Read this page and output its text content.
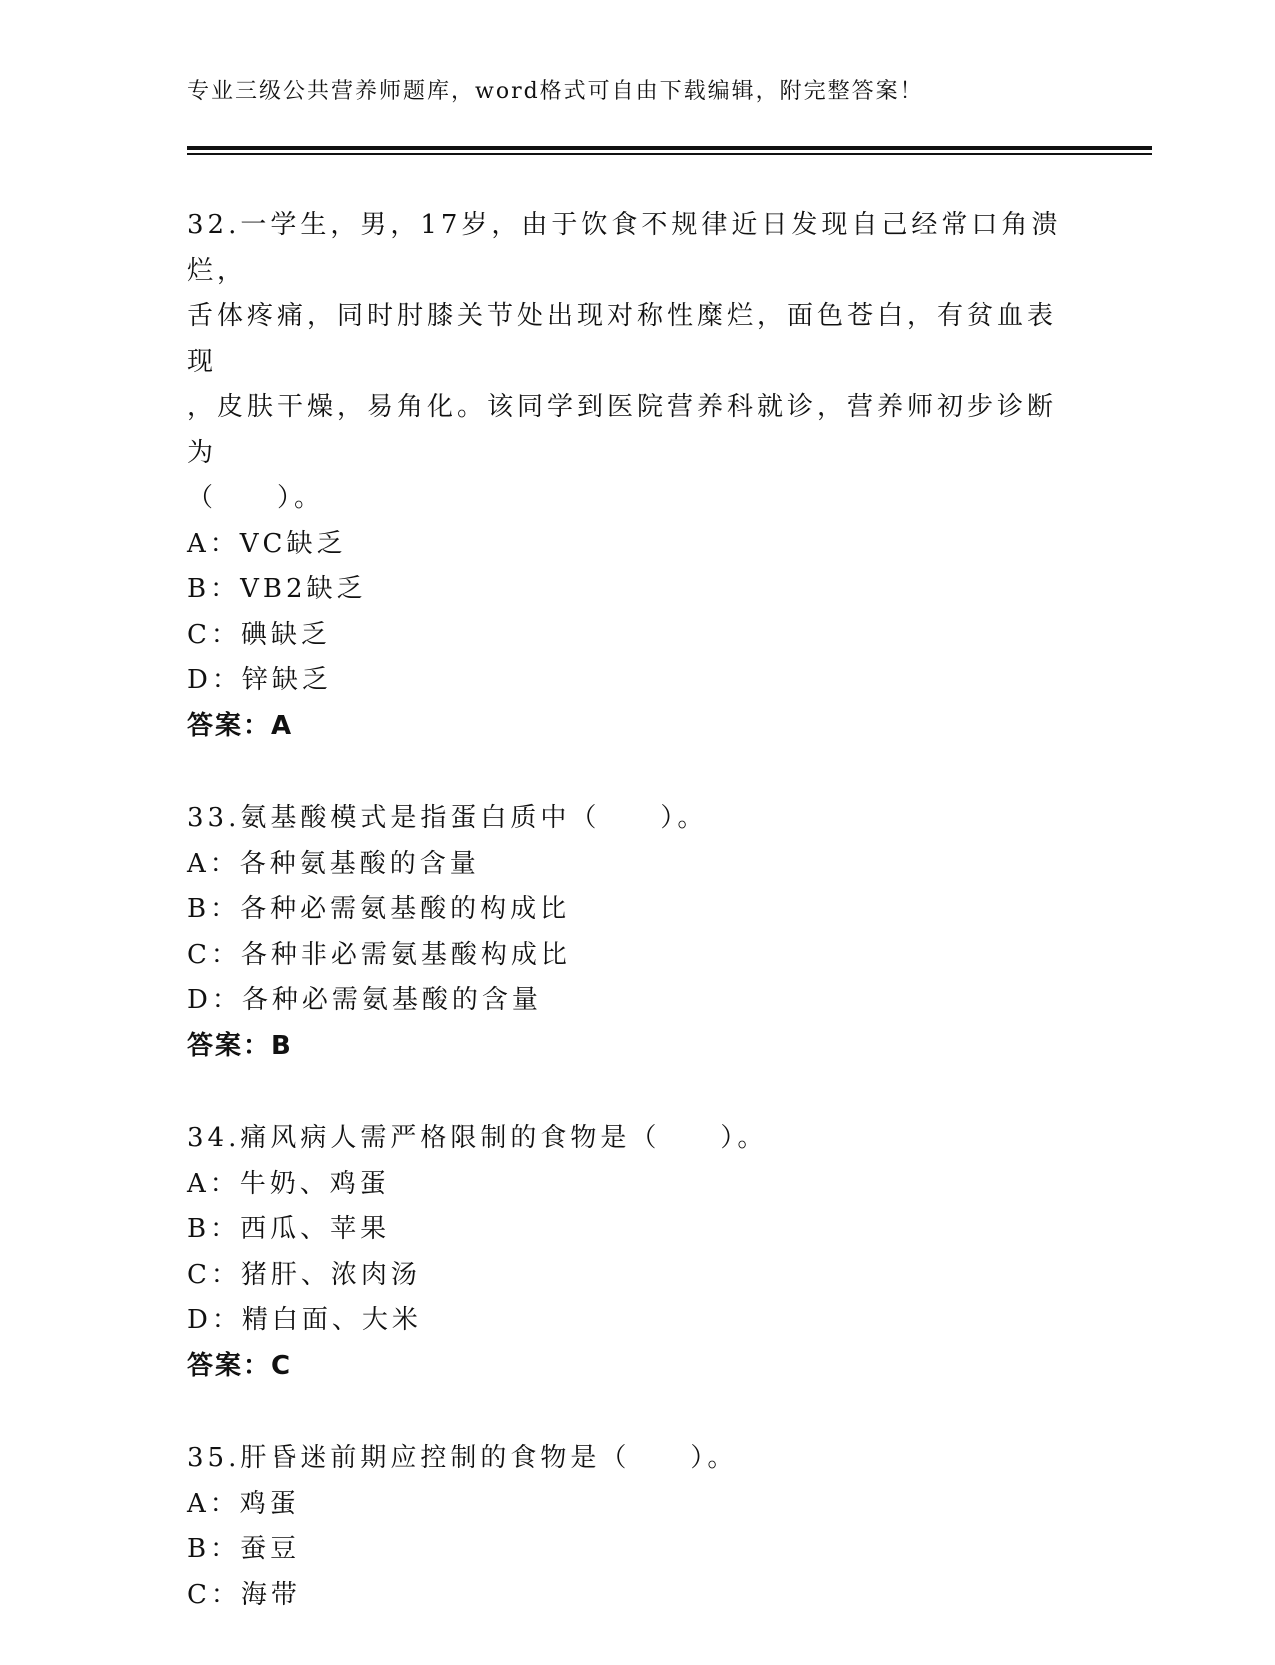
专业三级公共营养师题库，word格式可自由下载编辑，附完整答案！

32.一学生，男，17岁，由于饮食不规律近日发现自己经常口角溃烂，

舌体疼痛，同时肘膝关节处出现对称性糜烂，面色苍白，有贫血表现

，皮肤干燥，易角化。该同学到医院营养科就诊，营养师初步诊断为

（　　）。

A：VC缺乏

B：VB2缺乏

C：碘缺乏

D：锌缺乏

答案：A

33.氨基酸模式是指蛋白质中（　　）。

A：各种氨基酸的含量

B：各种必需氨基酸的构成比

C：各种非必需氨基酸构成比

D：各种必需氨基酸的含量

答案：B

34.痛风病人需严格限制的食物是（　　）。

A：牛奶、鸡蛋

B：西瓜、苹果

C：猪肝、浓肉汤

D：精白面、大米

答案：C

35.肝昏迷前期应控制的食物是（　　）。

A：鸡蛋

B：蚕豆

C：海带
